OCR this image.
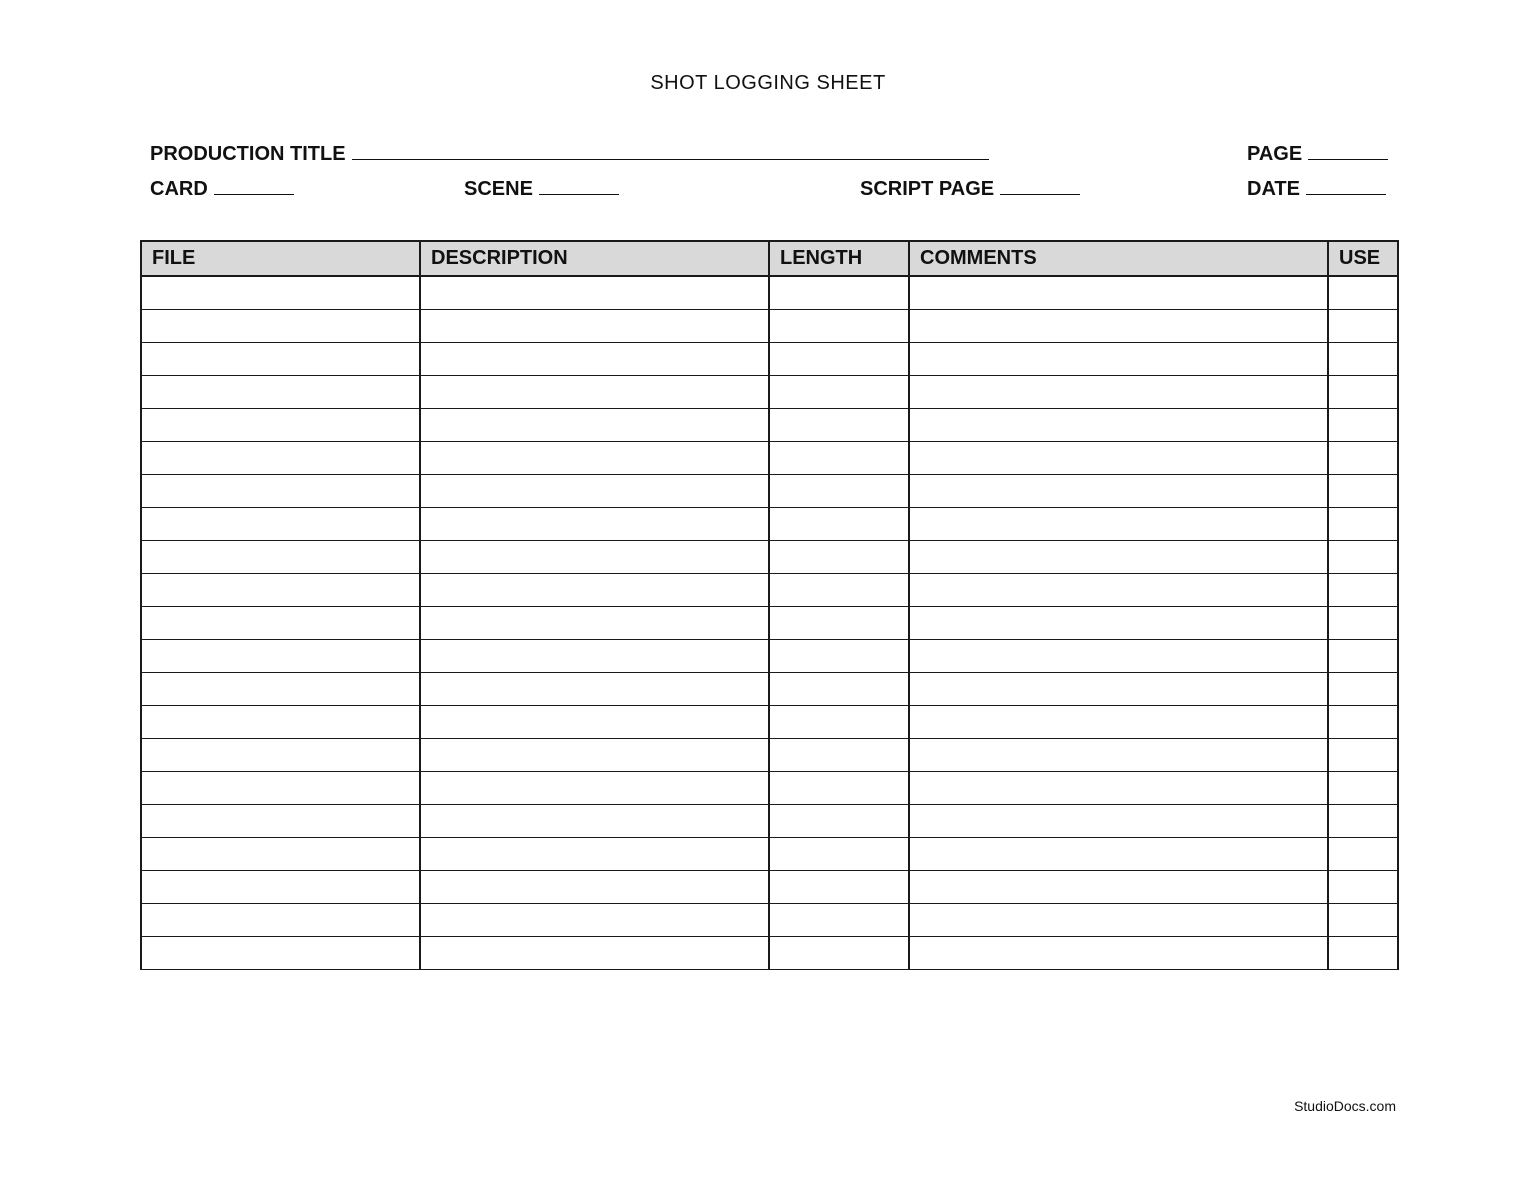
SHOT LOGGING SHEET
PRODUCTION TITLE	PAGE
CARD	SCENE	SCRIPT PAGE	DATE
FILE	DESCRIPTION	LENGTH	COMMENTS	USE

StudioDocs.com
